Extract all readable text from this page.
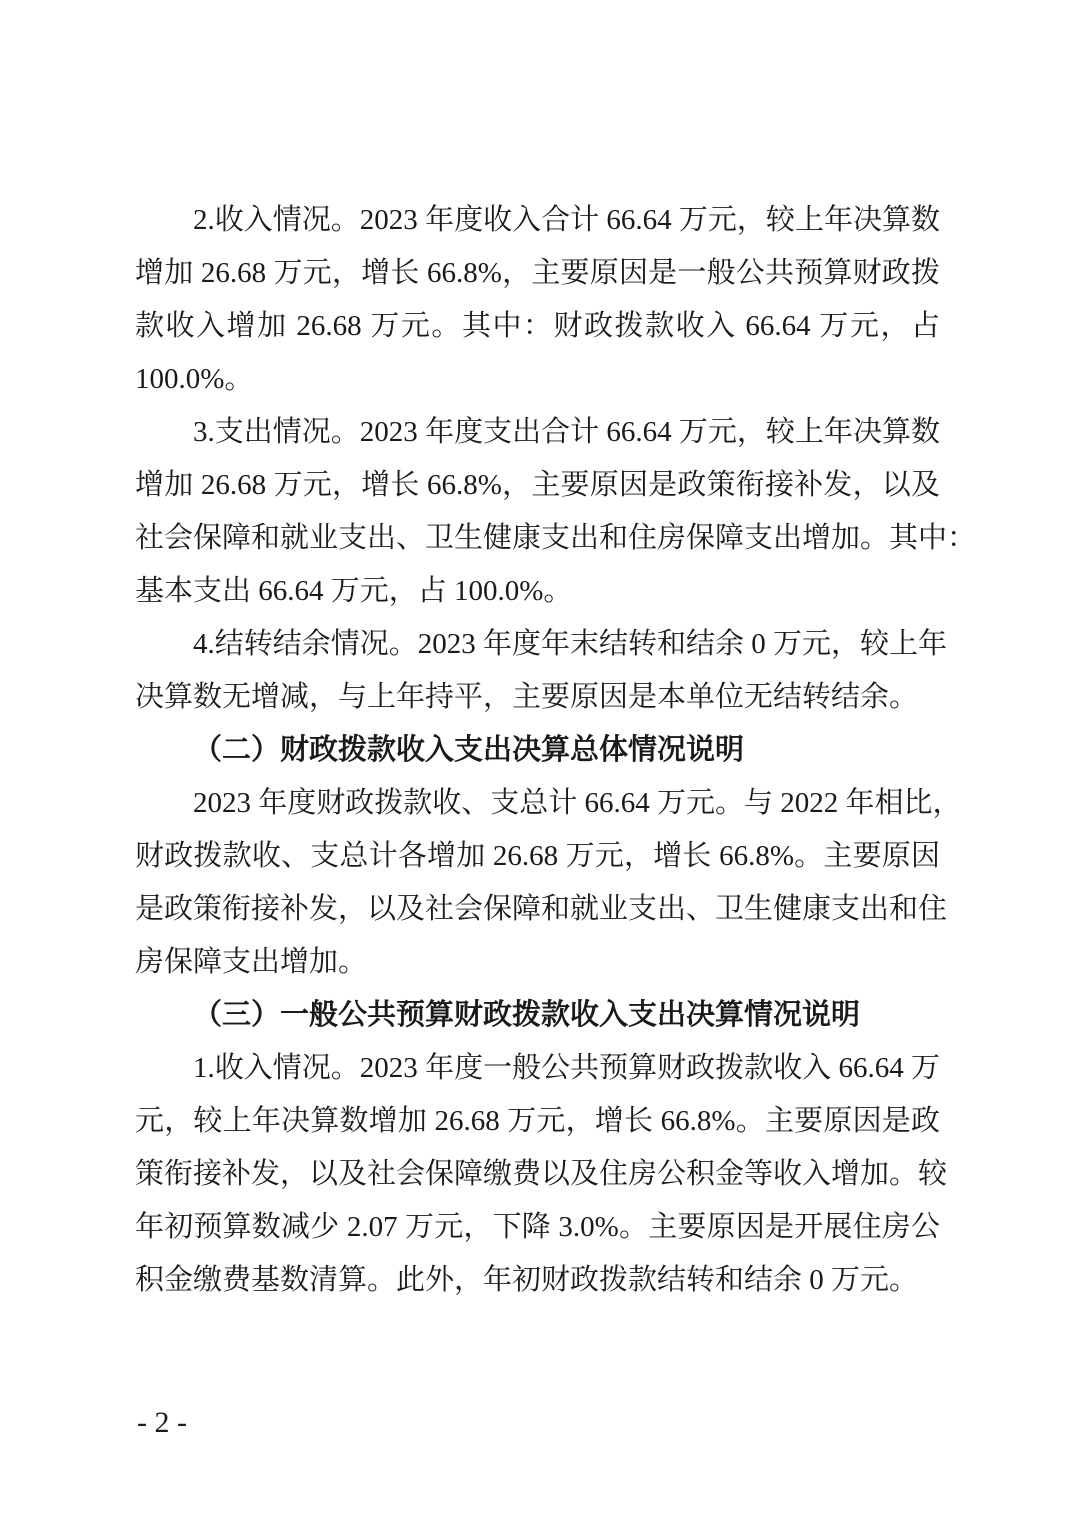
2.收入情况。2023 年度收入合计 66.64 万元，较上年决算数
增加 26.68 万元，增长 66.8%，主要原因是一般公共预算财政拨
款收入增加 26.68 万元。其中：财政拨款收入 66.64 万元，占
100.0%。
3.支出情况。2023 年度支出合计 66.64 万元，较上年决算数
增加 26.68 万元，增长 66.8%，主要原因是政策衔接补发，以及
社会保障和就业支出、卫生健康支出和住房保障支出增加。其中：
基本支出 66.64 万元，占 100.0%。
4.结转结余情况。2023 年度年末结转和结余 0 万元，较上年
决算数无增减，与上年持平，主要原因是本单位无结转结余。
（二）财政拨款收入支出决算总体情况说明
2023 年度财政拨款收、支总计 66.64 万元。与 2022 年相比，
财政拨款收、支总计各增加 26.68 万元，增长 66.8%。主要原因
是政策衔接补发，以及社会保障和就业支出、卫生健康支出和住
房保障支出增加。
（三）一般公共预算财政拨款收入支出决算情况说明
1.收入情况。2023 年度一般公共预算财政拨款收入 66.64 万
元，较上年决算数增加 26.68 万元，增长 66.8%。主要原因是政
策衔接补发，以及社会保障缴费以及住房公积金等收入增加。较
年初预算数减少 2.07 万元，下降 3.0%。主要原因是开展住房公
积金缴费基数清算。此外，年初财政拨款结转和结余 0 万元。
- 2 -
